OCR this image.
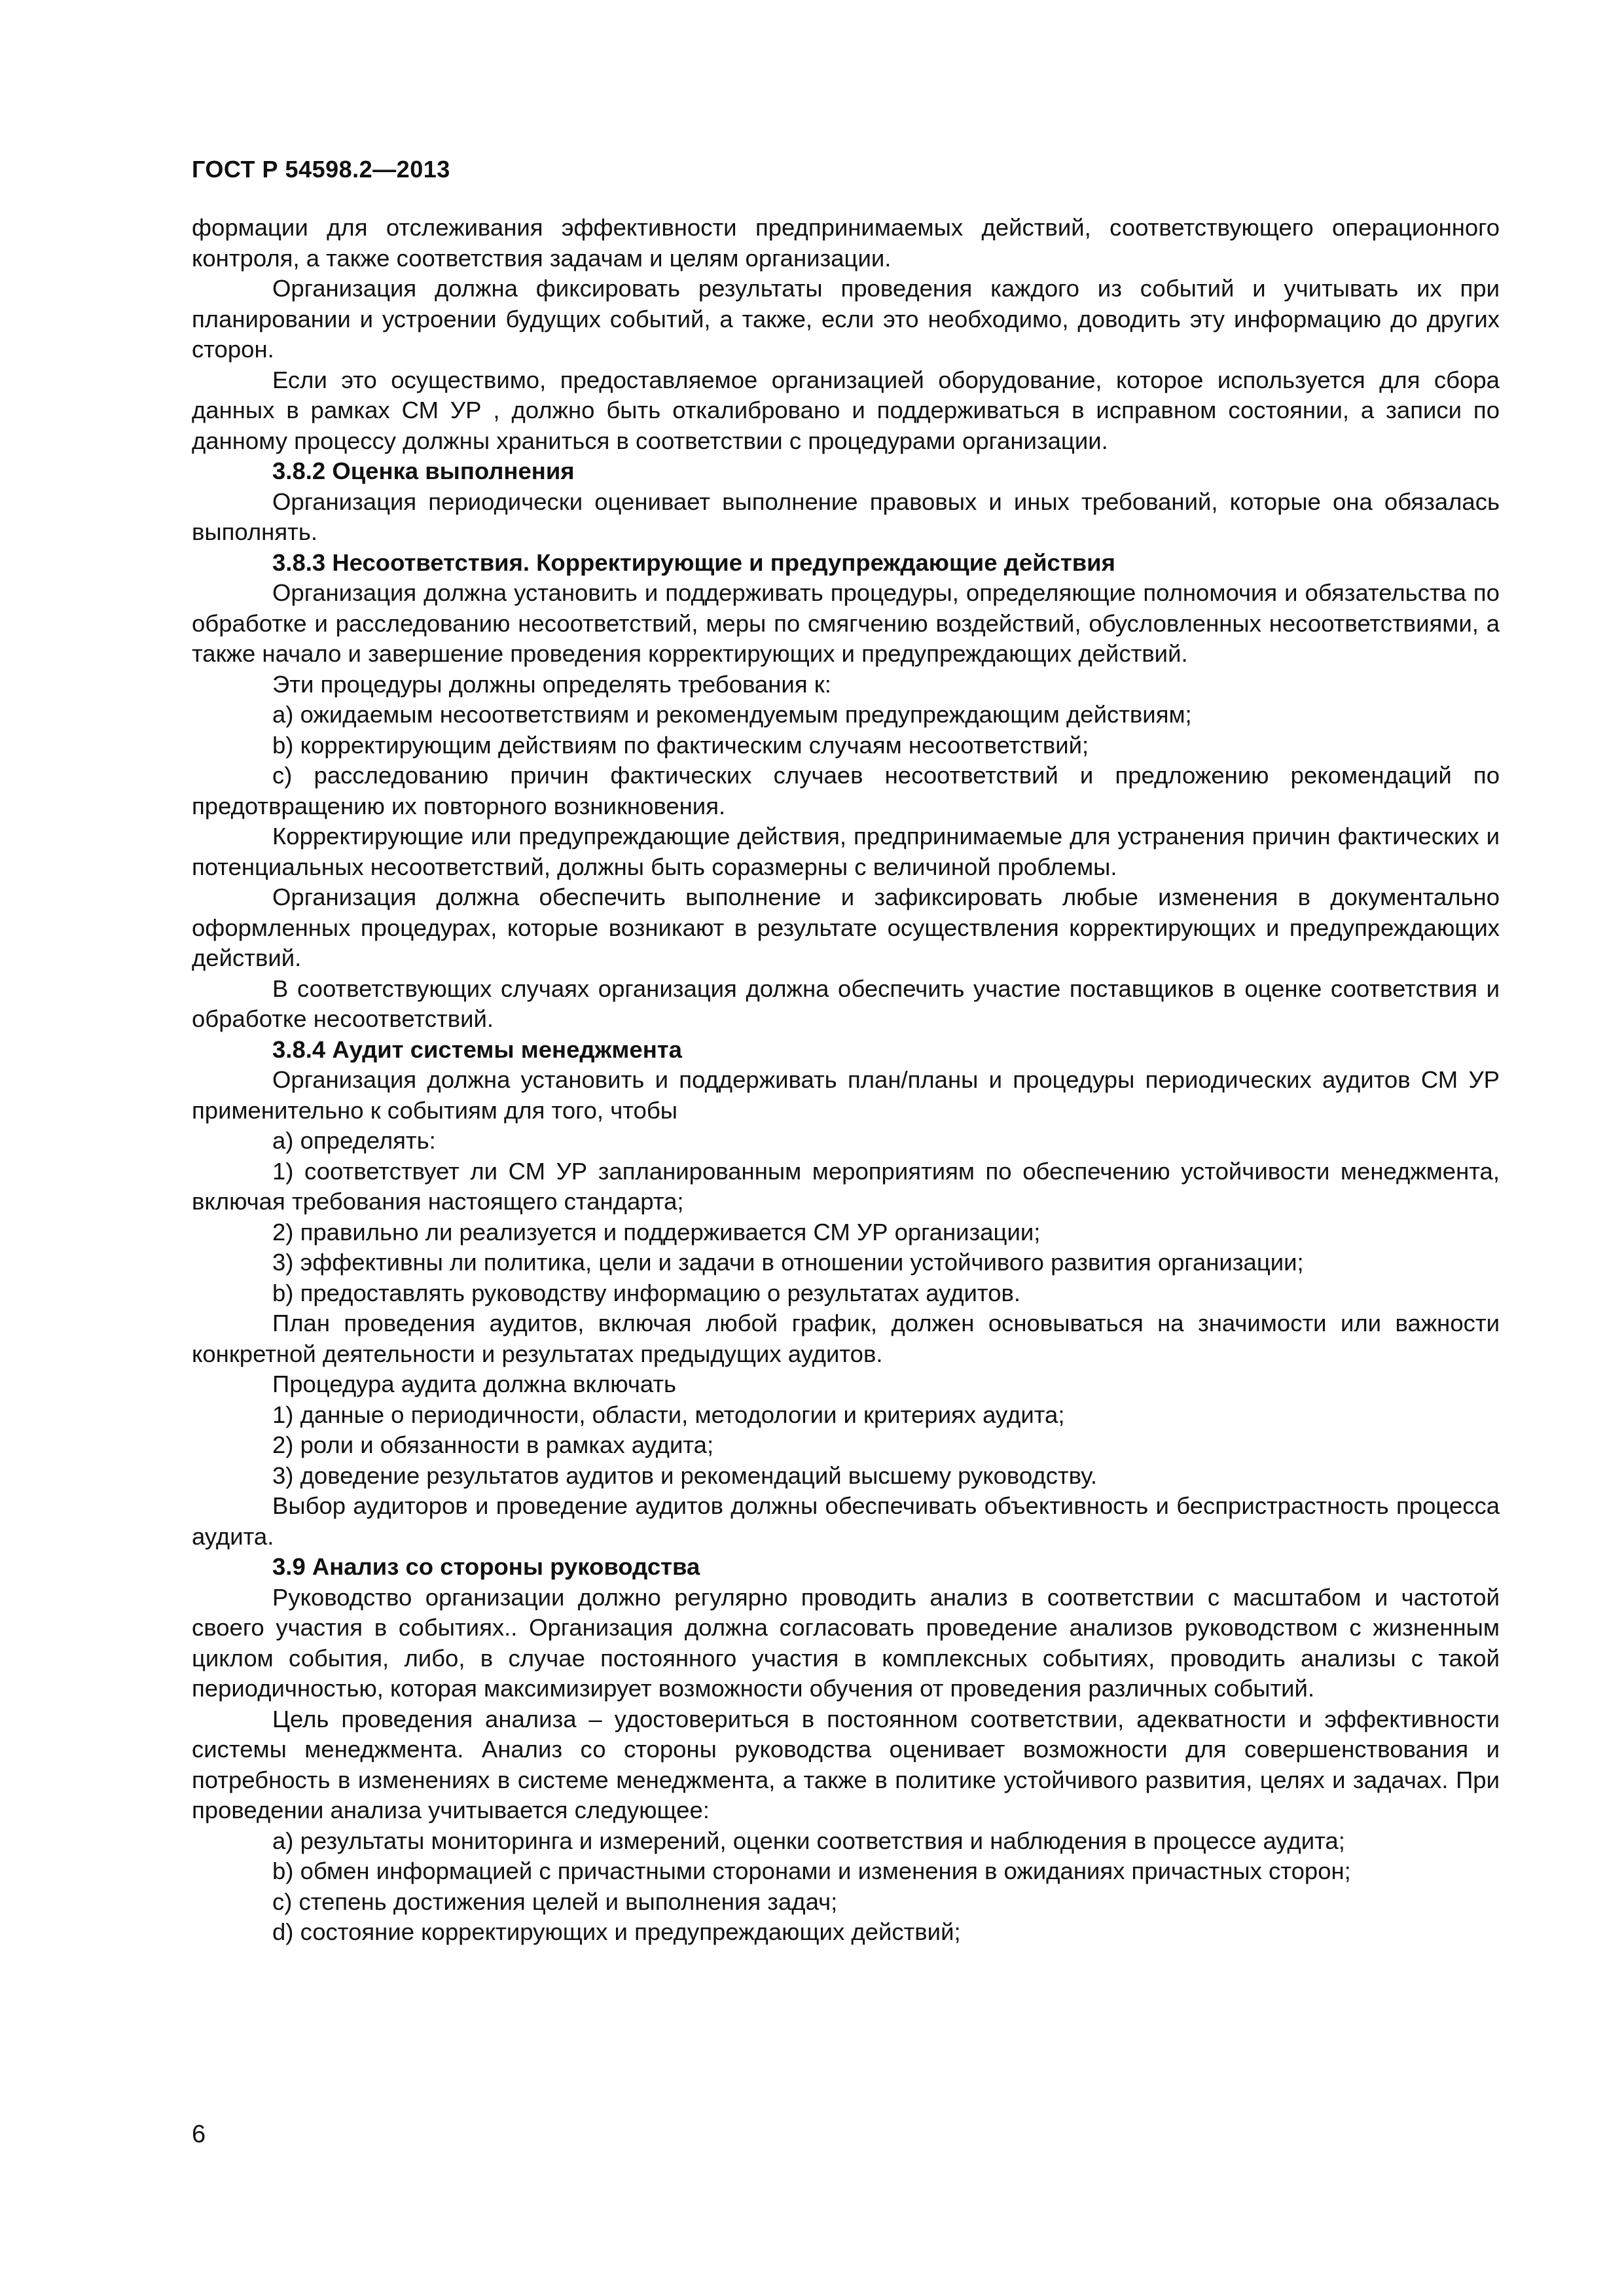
ГОСТ Р 54598.2—2013

формации для отслеживания эффективности предпринимаемых действий, соответствующего операционного контроля, а также соответствия задачам и целям организации.

Организация должна фиксировать результаты проведения каждого из событий и учитывать их при планировании и устроении будущих событий, а также, если это необходимо, доводить эту информацию до других сторон.

Если это осуществимо, предоставляемое организацией оборудование, которое используется для сбора данных в рамках СМ УР , должно быть откалибровано и поддерживаться в исправном состоянии, а записи по данному процессу должны храниться в соответствии с процедурами организации.

3.8.2 Оценка выполнения

Организация периодически оценивает выполнение правовых и иных требований, которые она обязалась выполнять.

3.8.3 Несоответствия. Корректирующие и предупреждающие действия

Организация должна установить и поддерживать процедуры, определяющие полномочия и обязательства по обработке и расследованию несоответствий, меры по смягчению воздействий, обусловленных несоответствиями, а также начало и завершение проведения корректирующих и предупреждающих действий.

Эти процедуры должны определять требования к:

a) ожидаемым несоответствиям и рекомендуемым предупреждающим действиям;

b) корректирующим действиям по фактическим случаям несоответствий;

c) расследованию причин фактических случаев несоответствий и предложению рекомендаций по предотвращению их повторного возникновения.

Корректирующие или предупреждающие действия, предпринимаемые для устранения причин фактических и потенциальных несоответствий, должны быть соразмерны с величиной проблемы.

Организация должна обеспечить выполнение и зафиксировать любые изменения в документально оформленных процедурах, которые возникают в результате осуществления корректирующих и предупреждающих действий.

В соответствующих случаях организация должна обеспечить участие поставщиков в оценке соответствия и обработке несоответствий.

3.8.4 Аудит системы менеджмента

Организация должна установить и поддерживать план/планы и процедуры периодических аудитов СМ УР применительно к событиям для того, чтобы

a) определять:

1) соответствует ли СМ УР запланированным мероприятиям по обеспечению устойчивости менеджмента, включая требования настоящего стандарта;

2) правильно ли реализуется и поддерживается СМ УР организации;

3) эффективны ли политика, цели и задачи в отношении устойчивого развития организации;

b) предоставлять руководству информацию о результатах аудитов.

План проведения аудитов, включая любой график, должен основываться на значимости или важности конкретной деятельности и результатах предыдущих аудитов.

Процедура аудита должна включать

1) данные о периодичности, области, методологии и критериях аудита;

2) роли и обязанности в рамках аудита;

3) доведение результатов аудитов и рекомендаций высшему руководству.

Выбор аудиторов и проведение аудитов должны обеспечивать объективность и беспристрастность процесса аудита.

3.9 Анализ со стороны руководства

Руководство организации должно регулярно проводить анализ в соответствии с масштабом и частотой своего участия в событиях.. Организация должна согласовать проведение анализов руководством с жизненным циклом события, либо, в случае постоянного участия в комплексных событиях, проводить анализы с такой периодичностью, которая максимизирует возможности обучения от проведения различных событий.

Цель проведения анализа – удостовериться в постоянном соответствии, адекватности и эффективности системы менеджмента. Анализ со стороны руководства оценивает возможности для совершенствования и потребность в изменениях в системе менеджмента, а также в политике устойчивого развития, целях и задачах. При проведении анализа учитывается следующее:

a) результаты мониторинга и измерений, оценки соответствия и наблюдения в процессе аудита;

b) обмен информацией с причастными сторонами и изменения в ожиданиях причастных сторон;

c) степень достижения целей и выполнения задач;

d) состояние корректирующих и предупреждающих действий;

6
